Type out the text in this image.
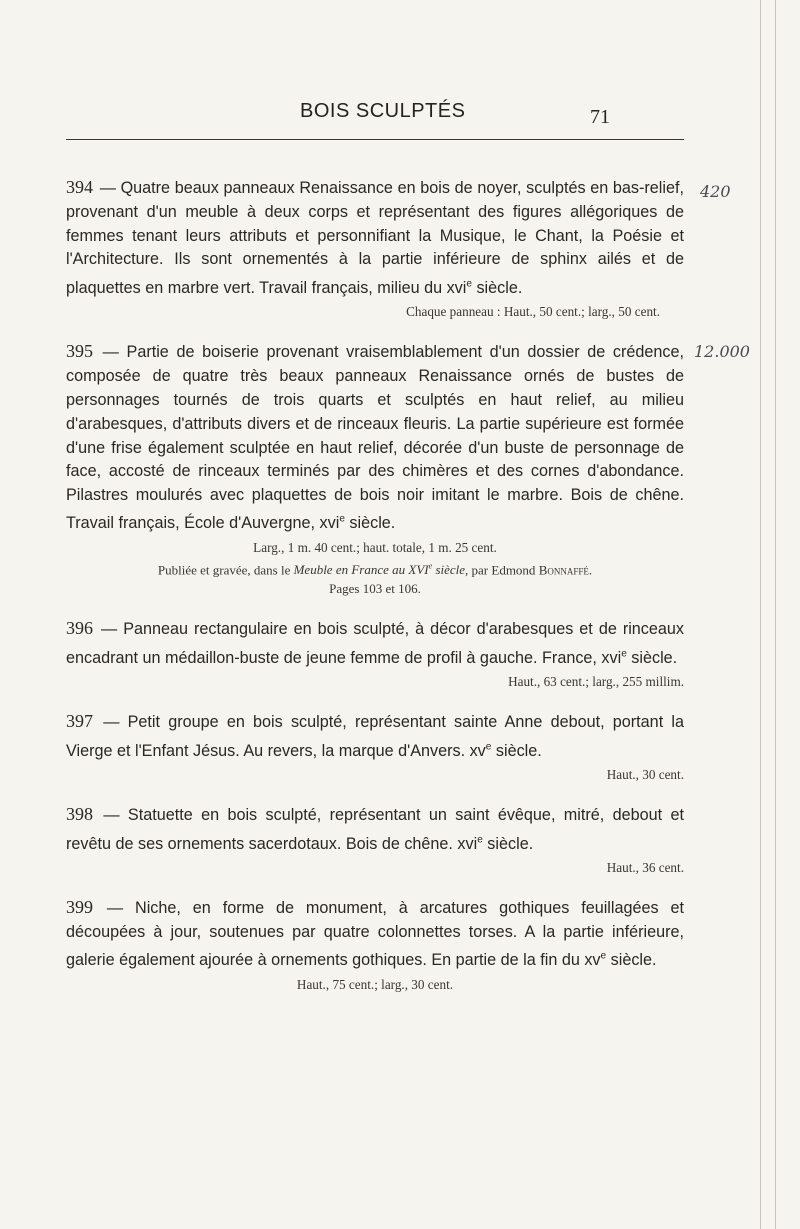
BOIS SCULPTÉS	71

394 — Quatre beaux panneaux Renaissance en bois de noyer, sculptés en bas-relief, provenant d'un meuble à deux corps et représentant des figures allégoriques de femmes tenant leurs attributs et personnifiant la Musique, le Chant, la Poésie et l'Architecture. Ils sont ornementés à la partie inférieure de sphinx ailés et de plaquettes en marbre vert. Travail français, milieu du xvi$^e$ siècle.

Chaque panneau : Haut., 50 cent.; larg., 50 cent.

420

395 — Partie de boiserie provenant vraisemblablement d'un dossier de crédence, composée de quatre très beaux panneaux Renaissance ornés de bustes de personnages tournés de trois quarts et sculptés en haut relief, au milieu d'arabesques, d'attributs divers et de rinceaux fleuris. La partie supérieure est formée d'une frise également sculptée en haut relief, décorée d'un buste de personnage de face, accosté de rinceaux terminés par des chimères et des cornes d'abondance. Pilastres moulurés avec plaquettes de bois noir imitant le marbre. Bois de chêne. Travail français, École d'Auvergne, xvi$^e$ siècle.

Larg., 1 m. 40 cent.; haut. totale, 1 m. 25 cent.

Publiée et gravée, dans le Meuble en France au XVIe siècle, par Edmond Bonnaffé.

Pages 103 et 106.

12.000

396 — Panneau rectangulaire en bois sculpté, à décor d'arabesques et de rinceaux encadrant un médaillon-buste de jeune femme de profil à gauche. France, xvi$^e$ siècle.

Haut., 63 cent.; larg., 255 millim.

397 — Petit groupe en bois sculpté, représentant sainte Anne debout, portant la Vierge et l'Enfant Jésus. Au revers, la marque d'Anvers. $xv^e$ siècle.

Haut., 30 cent.

398 — Statuette en bois sculpté, représentant un saint évêque, mitré, debout et revêtu de ses ornements sacerdotaux. Bois de chêne. xvi$^e$ siècle.

Haut., 36 cent.

399 — Niche, en forme de monument, à arcatures gothiques feuillagées et découpées à jour, soutenues par quatre colonnettes torses. A la partie inférieure, galerie également ajourée à ornements gothiques. En partie de la fin du $xv^e$ siècle.

Haut., 75 cent.; larg., 30 cent.
